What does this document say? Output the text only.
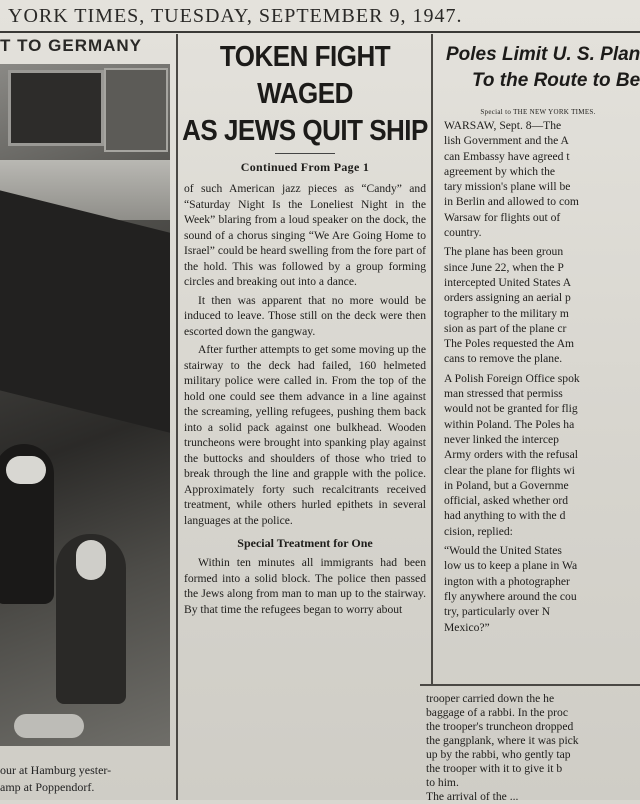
YORK TIMES, TUESDAY, SEPTEMBER 9, 1947.
T TO GERMANY
our at Hamburg yester-
amp at Poppendorf.
TOKEN FIGHT WAGED
AS JEWS QUIT SHIP
Continued From Page 1

of such American jazz pieces as “Candy” and “Saturday Night Is the Loneliest Night in the Week” blaring from a loud speaker on the dock, the sound of a chorus singing “We Are Going Home to Israel” could be heard swelling from the fore part of the hold. This was followed by a group forming circles and breaking out into a dance.

It then was apparent that no more would be induced to leave. Those still on the deck were then escorted down the gangway.

After further attempts to get some moving up the stairway to the deck had failed, 160 helmeted military police were called in. From the top of the hold one could see them advance in a line against the screaming, yelling refugees, pushing them back into a solid pack against one bulkhead. Wooden truncheons were brought into spanking play against the buttocks and shoulders of those who tried to break through the line and grapple with the police. Approximately forty such recalcitrants received treatment, while others hurled epithets in several languages at the police.

Special Treatment for One

Within ten minutes all immigrants had been formed into a solid block. The police then passed the Jews along from man to man up to the stairway. By that time the refugees began to worry about

Poles Limit U. S. Plan
To the Route to Be
Special to THE NEW YORK TIMES.

WARSAW, Sept. 8—The
lish Government and the A
can Embassy have agreed t
agreement by which the
tary mission's plane will be
in Berlin and allowed to com
Warsaw for flights out of
country.

The plane has been groun
since June 22, when the P
intercepted United States A
orders assigning an aerial p
tographer to the military m
sion as part of the plane cr
The Poles requested the Am
cans to remove the plane.

A Polish Foreign Office spok
man stressed that permiss
would not be granted for flig
within Poland. The Poles ha
never linked the intercep
Army orders with the refusal
clear the plane for flights wi
in Poland, but a Governme
official, asked whether ord
had anything to with the d
cision, replied:

“Would the United States
low us to keep a plane in Wa
ington with a photographer
fly anywhere around the cou
try, particularly over N
Mexico?”

trooper carried down the he

baggage of a rabbi. In the proc

the trooper's truncheon dropped

the gangplank, where it was pick

up by the rabbi, who gently tap

the trooper with it to give it b

to him.

The arrival of the ...
